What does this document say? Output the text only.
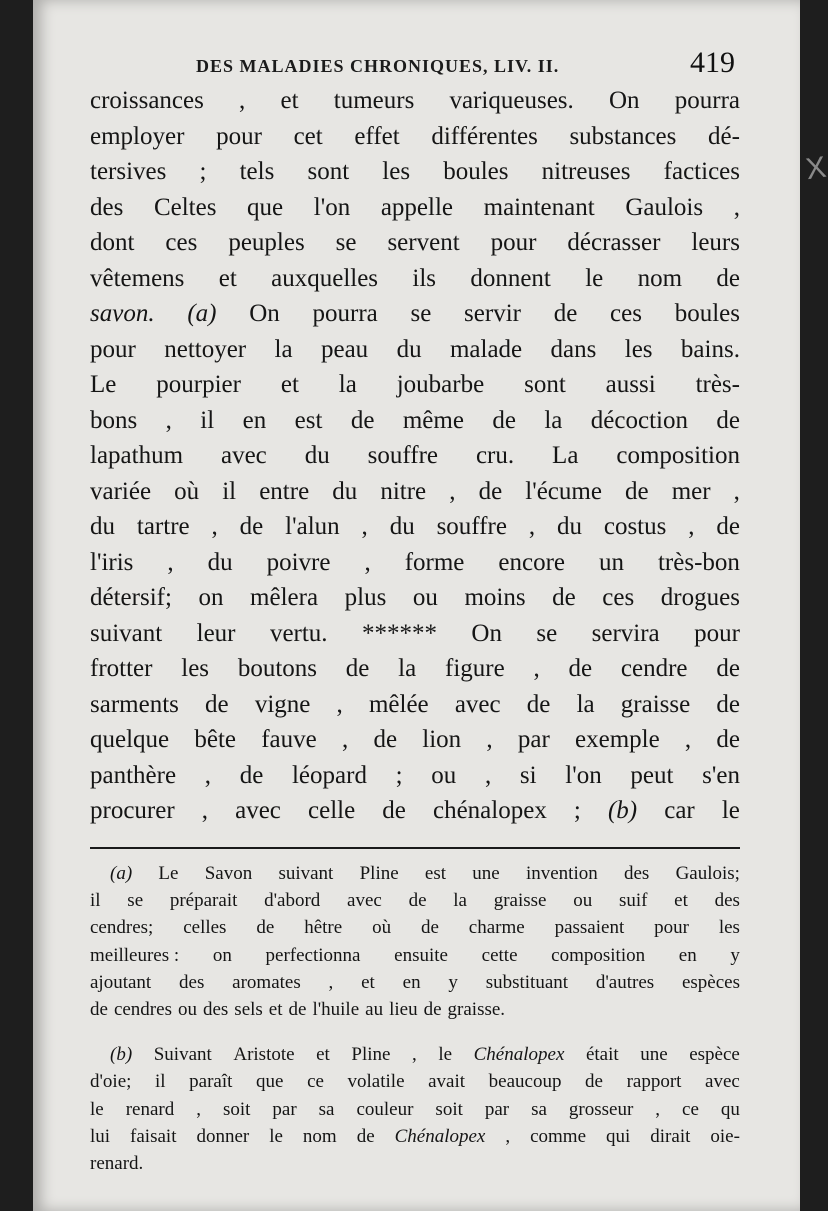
X
DES MALADIES CHRONIQUES, LIV. II.	419
croissances , et tumeurs variqueuses. On pourra
employer pour cet effet différentes substances dé-
tersives ; tels sont les boules nitreuses factices
des Celtes que l'on appelle maintenant Gaulois ,
dont ces peuples se servent pour décrasser leurs
vêtemens et auxquelles ils donnent le nom de
savon. (a) On pourra se servir de ces boules
pour nettoyer la peau du malade dans les bains.
Le pourpier et la joubarbe sont aussi très-
bons , il en est de même de la décoction de
lapathum avec du souffre cru. La composition
variée où il entre du nitre , de l'écume de mer ,
du tartre , de l'alun , du souffre , du costus , de
l'iris , du poivre , forme encore un très-bon
détersif; on mêlera plus ou moins de ces drogues
suivant leur vertu. ****** On se servira pour
frotter les boutons de la figure , de cendre de
sarments de vigne , mêlée avec de la graisse de
quelque bête fauve , de lion , par exemple , de
panthère , de léopard ; ou , si l'on peut s'en
procurer , avec celle de chénalopex ; (b) car le
(a) Le Savon suivant Pline est une invention des Gaulois;
il se préparait d'abord avec de la graisse ou suif et des
cendres; celles de hêtre où de charme passaient pour les
meilleures : on perfectionna ensuite cette composition en y
ajoutant des aromates , et en y substituant d'autres espèces
de cendres ou des sels et de l'huile au lieu de graisse.
(b) Suivant Aristote et Pline , le Chénalopex était une espèce
d'oie; il paraît que ce volatile avait beaucoup de rapport avec
le renard , soit par sa couleur soit par sa grosseur , ce qu
lui faisait donner le nom de Chénalopex , comme qui dirait oie-
renard.
